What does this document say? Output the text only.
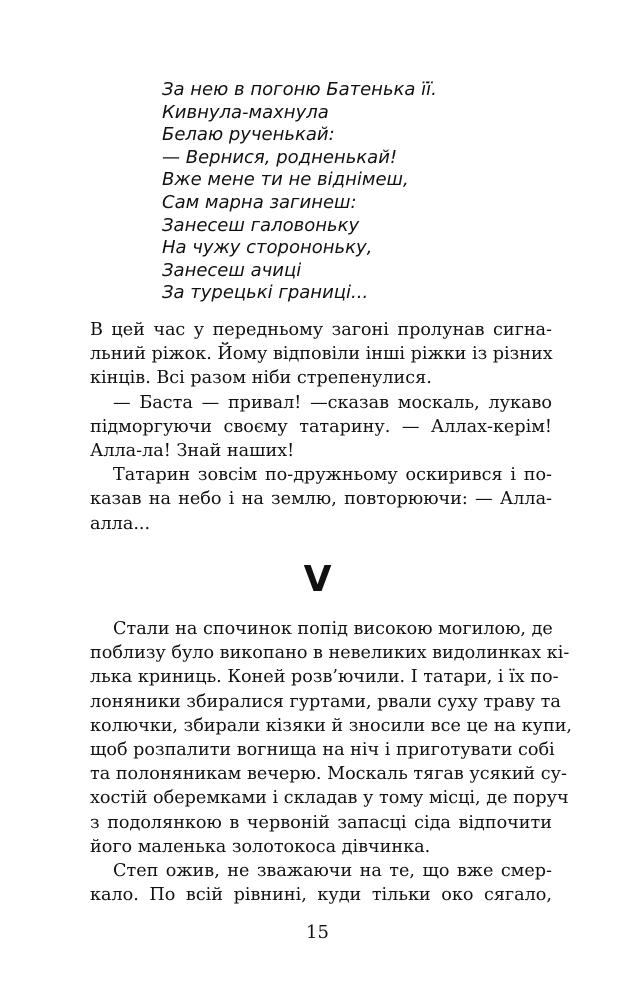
За нею в погоню Батенька її.
Кивнула-махнула
Белаю рученькай:
— Вернися, родненькай!
Вже мене ти не віднімеш,
Сам марна загинеш:
Занесеш галовоньку
На чужу сторононьку,
Занесеш ачиці
За турецькі границі...
В цей час у передньому загоні пролунав сигна-
льний ріжок. Йому відповіли інші ріжки із різних
кінців. Всі разом ніби стрепенулися.
— Баста — привал! —сказав москаль, лукаво
підморгуючи своєму татарину. — Аллах-керім!
Алла-ла! Знай наших!
Татарин зовсім по-дружньому оскирився і по-
казав на небо і на землю, повторюючи: — Алла-
алла...
V
Стали на спочинок попід високою могилою, де
поблизу було викопано в невеликих видолинках кі-
лька криниць. Коней розв’ючили. І татари, і їх по-
лоняники збиралися гуртами, рвали суху траву та
колючки, збирали кізяки й зносили все це на купи,
щоб розпалити вогнища на ніч і приготувати собі
та полоняникам вечерю. Москаль тягав усякий су-
хостій оберемками і складав у тому місці, де поруч
з подолянкою в червоній запасці сіда відпочити
його маленька золотокоса дівчинка.
Степ ожив, не зважаючи на те, що вже смер-
кало. По всій рівнині, куди тільки око сягало,
15
